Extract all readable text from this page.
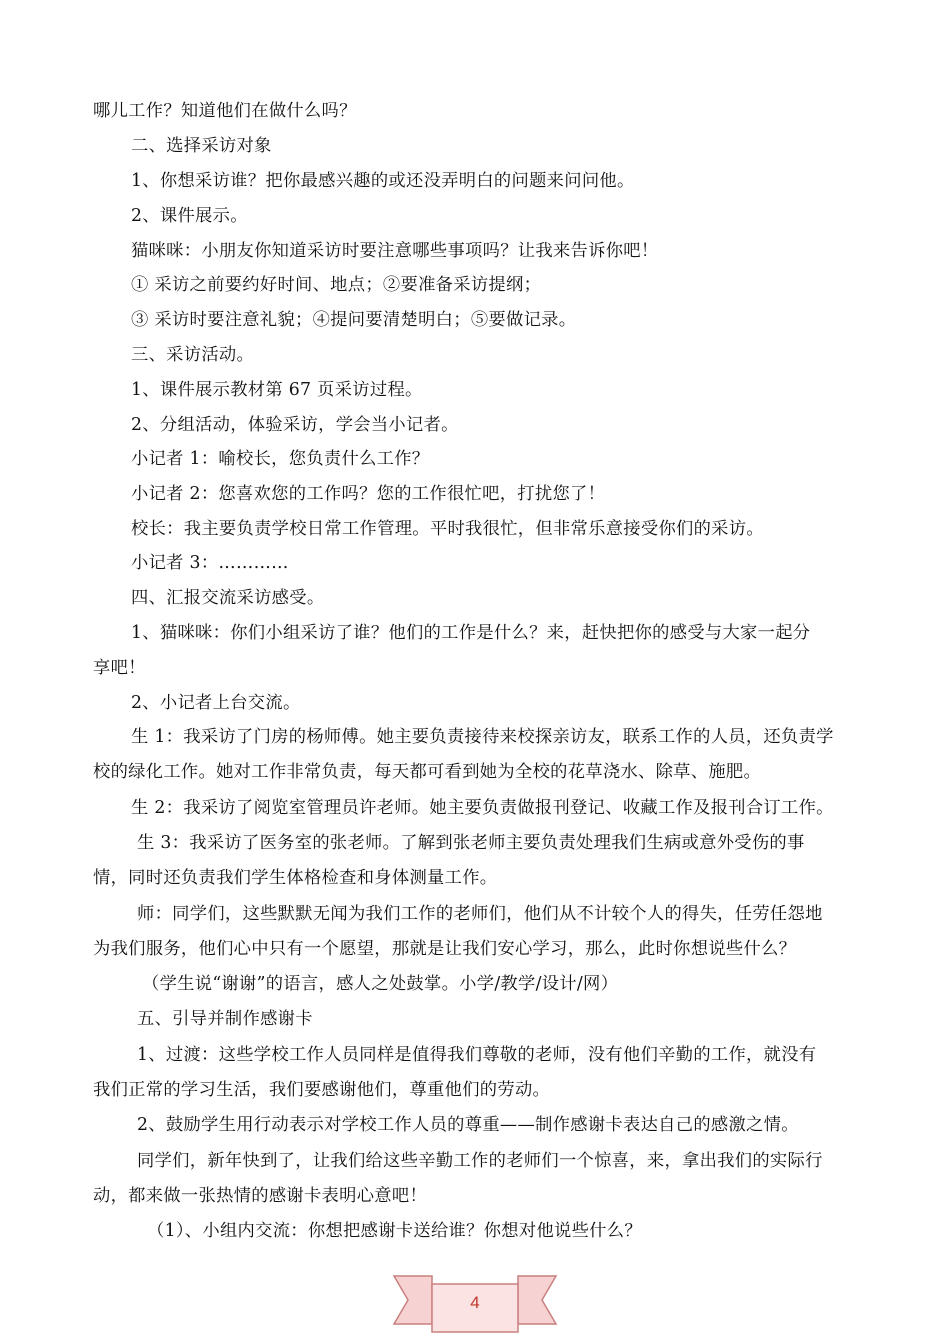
哪儿工作？知道他们在做什么吗？
二、选择采访对象
1、你想采访谁？把你最感兴趣的或还没弄明白的问题来问问他。
2、课件展示。
猫咪咪：小朋友你知道采访时要注意哪些事项吗？让我来告诉你吧！
① 采访之前要约好时间、地点；②要准备采访提纲；
③ 采访时要注意礼貌；④提问要清楚明白；⑤要做记录。
三、采访活动。
1、课件展示教材第 67 页采访过程。
2、分组活动，体验采访，学会当小记者。
小记者 1：喻校长，您负责什么工作？
小记者 2：您喜欢您的工作吗？您的工作很忙吧，打扰您了！
校长：我主要负责学校日常工作管理。平时我很忙，但非常乐意接受你们的采访。
小记者 3：…………
四、汇报交流采访感受。
1、猫咪咪：你们小组采访了谁？他们的工作是什么？来，赶快把你的感受与大家一起分
享吧！
2、小记者上台交流。
生 1：我采访了门房的杨师傅。她主要负责接待来校探亲访友，联系工作的人员，还负责学
校的绿化工作。她对工作非常负责，每天都可看到她为全校的花草浇水、除草、施肥。
生 2：我采访了阅览室管理员许老师。她主要负责做报刊登记、收藏工作及报刊合订工作。
生 3：我采访了医务室的张老师。了解到张老师主要负责处理我们生病或意外受伤的事
情，同时还负责我们学生体格检查和身体测量工作。
师：同学们，这些默默无闻为我们工作的老师们，他们从不计较个人的得失，任劳任怨地
为我们服务，他们心中只有一个愿望，那就是让我们安心学习，那么，此时你想说些什么？
（学生说“谢谢”的语言，感人之处鼓掌。小学/教学/设计/网）
五、引导并制作感谢卡
1、过渡：这些学校工作人员同样是值得我们尊敬的老师，没有他们辛勤的工作，就没有
我们正常的学习生活，我们要感谢他们，尊重他们的劳动。
2、鼓励学生用行动表示对学校工作人员的尊重——制作感谢卡表达自己的感激之情。
同学们，新年快到了，让我们给这些辛勤工作的老师们一个惊喜，来，拿出我们的实际行
动，都来做一张热情的感谢卡表明心意吧！
（1）、小组内交流：你想把感谢卡送给谁？你想对他说些什么？
4
